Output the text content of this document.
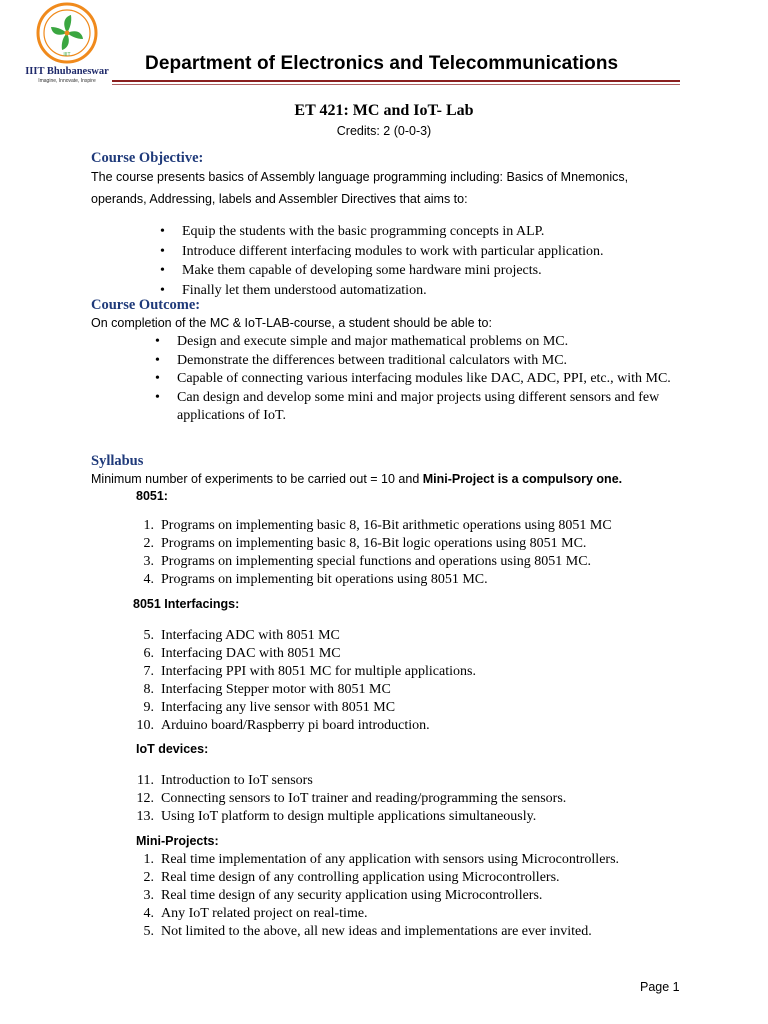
IIIT
IIIT Bhubaneswar
Imagine, Innovate, Inspire
Department of Electronics and Telecommunications
ET 421: MC and IoT- Lab
Credits: 2 (0-0-3)
Course Objective:
The course presents basics of Assembly language programming including: Basics of Mnemonics, operands, Addressing, labels and Assembler Directives that aims to:
• Equip the students with the basic programming concepts in ALP.
• Introduce different interfacing modules to work with particular application.
• Make them capable of developing some hardware mini projects.
• Finally let them understood automatization.
Course Outcome:
On completion of the MC & IoT-LAB-course, a student should be able to:
• Design and execute simple and major mathematical problems on MC.
• Demonstrate the differences between traditional calculators with MC.
• Capable of connecting various interfacing modules like DAC, ADC, PPI, etc., with MC.
• Can design and develop some mini and major projects using different sensors and few applications of IoT.
Syllabus
Minimum number of experiments to be carried out = 10 and Mini-Project is a compulsory one.
8051:
1. Programs on implementing basic 8, 16-Bit arithmetic operations using 8051 MC
2. Programs on implementing basic 8, 16-Bit logic operations using 8051 MC.
3. Programs on implementing special functions and operations using 8051 MC.
4. Programs on implementing bit operations using 8051 MC.
8051 Interfacings:
5. Interfacing ADC with 8051 MC
6. Interfacing DAC with 8051 MC
7. Interfacing PPI with 8051 MC for multiple applications.
8. Interfacing Stepper motor with 8051 MC
9. Interfacing any live sensor with 8051 MC
10. Arduino board/Raspberry pi board introduction.
IoT devices:
11. Introduction to IoT sensors
12. Connecting sensors to IoT trainer and reading/programming the sensors.
13. Using IoT platform to design multiple applications simultaneously.
Mini-Projects:
1. Real time implementation of any application with sensors using Microcontrollers.
2. Real time design of any controlling application using Microcontrollers.
3. Real time design of any security application using Microcontrollers.
4. Any IoT related project on real-time.
5. Not limited to the above, all new ideas and implementations are ever invited.
Page 1
